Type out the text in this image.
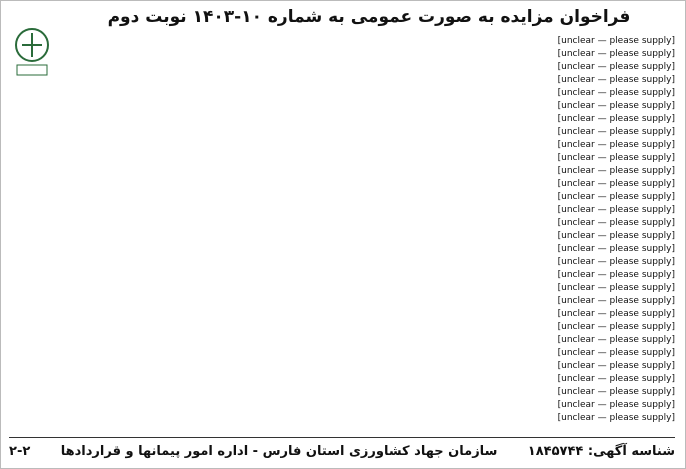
فراخوان مزایده به صورت عمومی به شماره ۱۰-۱۴۰۳ نوبت دوم
[unclear — please supply]
[unclear — please supply]
[unclear — please supply]
[unclear — please supply]
[unclear — please supply]
[unclear — please supply]
[unclear — please supply]
[unclear — please supply]
[unclear — please supply]
[unclear — please supply]
[unclear — please supply]
[unclear — please supply]
[unclear — please supply]
[unclear — please supply]
[unclear — please supply]
[unclear — please supply]
[unclear — please supply]
[unclear — please supply]
[unclear — please supply]
[unclear — please supply]
[unclear — please supply]
[unclear — please supply]
[unclear — please supply]
[unclear — please supply]
[unclear — please supply]
[unclear — please supply]
[unclear — please supply]
[unclear — please supply]
[unclear — please supply]
[unclear — please supply]
شناسه آگهی: ۱۸۴۵۷۴۴
سازمان جهاد کشاورزی استان فارس - اداره امور پیمانها و قراردادها
۲-۲
